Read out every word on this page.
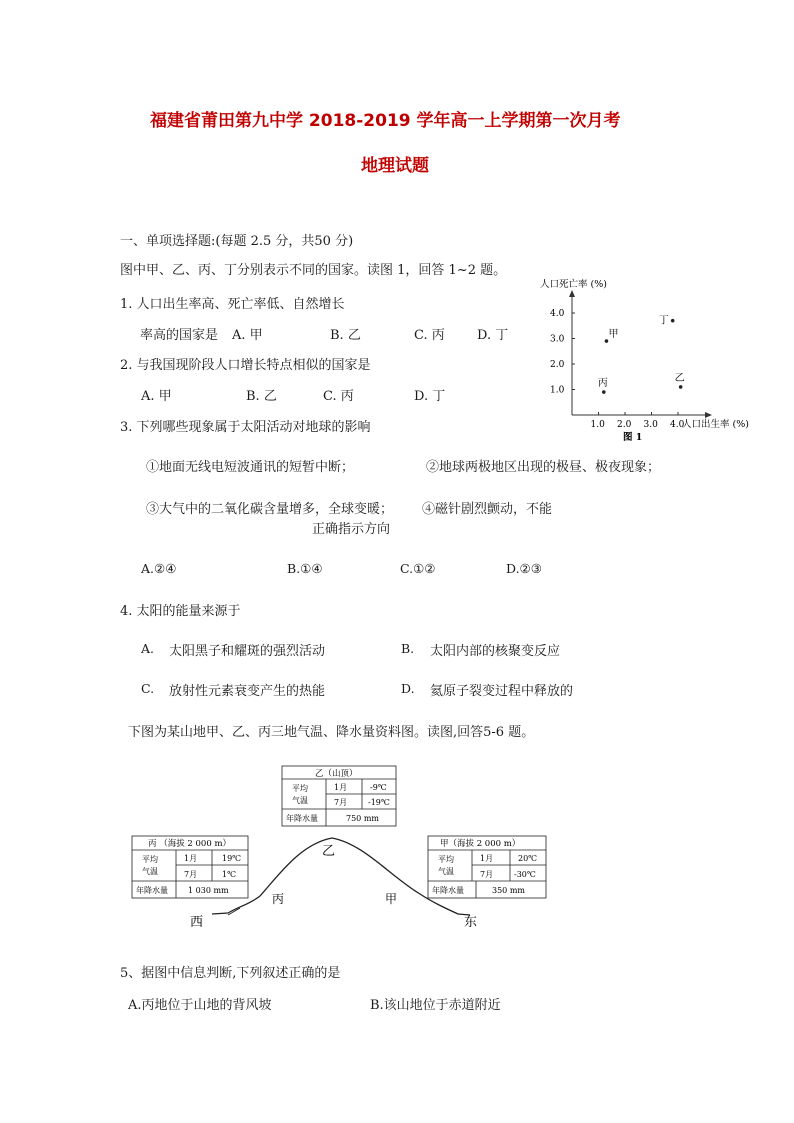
福建省莆田第九中学 2018-2019 学年高一上学期第一次月考
地理试题
一、单项选择题:(每题 2.5 分，共50 分)
图中甲、乙、丙、丁分别表示不同的国家。读图 1，回答 1~2 题。
1. 人口出生率高、死亡率低、自然增长
率高的国家是 A. 甲	B. 乙	C. 丙 D. 丁
2. 与我国现阶段人口增长特点相似的国家是
A. 甲	B. 乙	C. 丙	D. 丁
人口死亡率 (%)
人口出生率 (%)
图 1
1.0
2.0
3.0
4.0
1.0 2.0 3.0 4.0
甲
乙
丙
丁
3. 下列哪些现象属于太阳活动对地球的影响
①地面无线电短波通讯的短暂中断；	②地球两极地区出现的极昼、极夜现象；
③大气中的二氧化碳含量增多，全球变暖； ④磁针剧烈颤动，不能
正确指示方向
A.②④	B.①④	C.①②	D.②③
4. 太阳的能量来源于
A. 太阳黑子和耀斑的强烈活动	B. 太阳内部的核聚变反应
C. 放射性元素衰变产生的热能	D. 氦原子裂变过程中释放的
下图为某山地甲、乙、丙三地气温、降水量资料图。读图,回答5-6 题。
乙
丙	甲
西	东
乙（山顶）
平均
气温
1月	-9℃
7月	-19℃
年降水量	750 mm
丙 （海拔 2 000 m）
平均
气温
1月	19℃
7月	1℃
年降水量	1 030 mm
甲（海拔 2 000 m）
平均
气温
1月	20℃
7月	-30℃
年降水量	350 mm
5、据图中信息判断,下列叙述正确的是
A.丙地位于山地的背风坡	B.该山地位于赤道附近
